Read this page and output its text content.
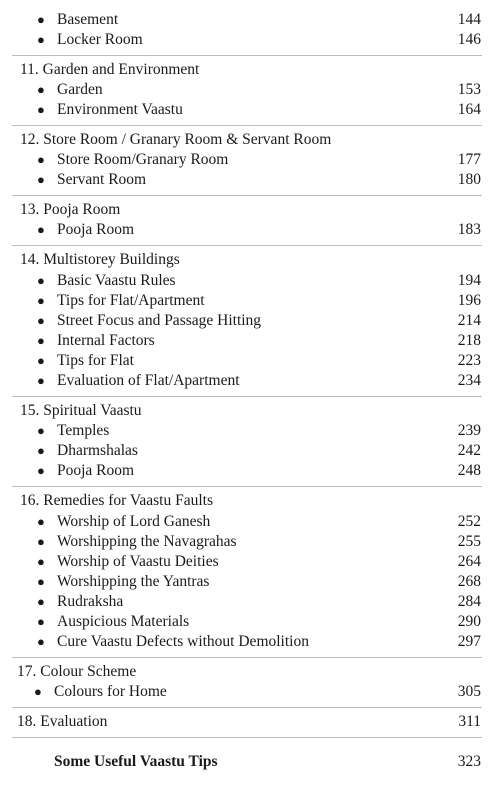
● Basement	144
● Locker Room	146
11. Garden and Environment
● Garden	153
● Environment Vaastu	164
12. Store Room / Granary Room & Servant Room
● Store Room/Granary Room	177
● Servant Room	180
13. Pooja Room
● Pooja Room	183
14. Multistorey Buildings
● Basic Vaastu Rules	194
● Tips for Flat/Apartment	196
● Street Focus and Passage Hitting	214
● Internal Factors	218
● Tips for Flat	223
● Evaluation of Flat/Apartment	234
15. Spiritual Vaastu
● Temples	239
● Dharmshalas	242
● Pooja Room	248
16. Remedies for Vaastu Faults
● Worship of Lord Ganesh	252
● Worshipping the Navagrahas	255
● Worship of Vaastu Deities	264
● Worshipping the Yantras	268
● Rudraksha	284
● Auspicious Materials	290
● Cure Vaastu Defects without Demolition	297
17. Colour Scheme
● Colours for Home	305
18. Evaluation	311
Some Useful Vaastu Tips	323
